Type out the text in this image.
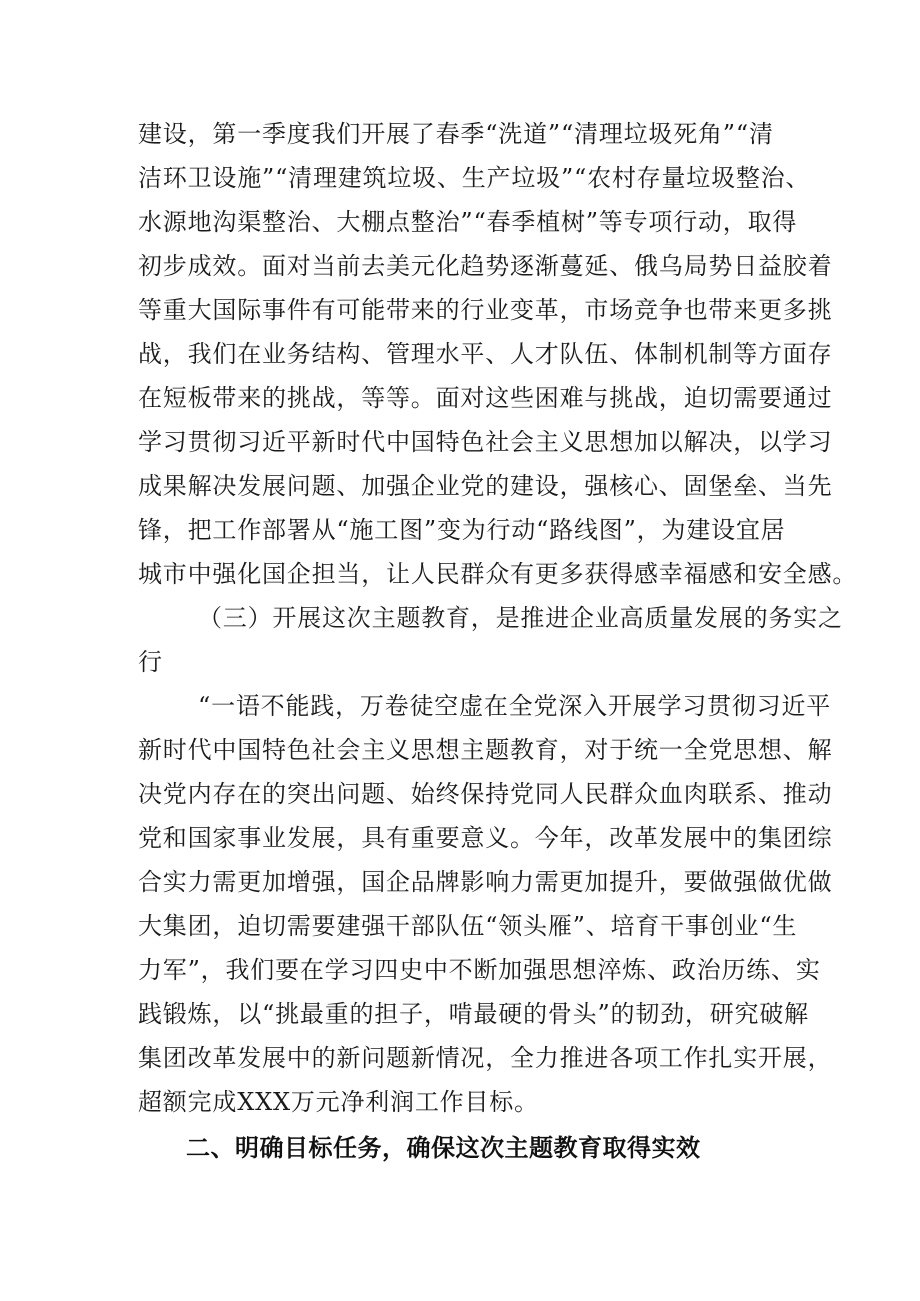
建设，第一季度我们开展了春季“洗道”“清理垃圾死角”“清
洁环卫设施”“清理建筑垃圾、生产垃圾”“农村存量垃圾整治、
水源地沟渠整治、大棚点整治”“春季植树”等专项行动，取得
初步成效。面对当前去美元化趋势逐渐蔓延、俄乌局势日益胶着
等重大国际事件有可能带来的行业变革，市场竞争也带来更多挑
战，我们在业务结构、管理水平、人才队伍、体制机制等方面存
在短板带来的挑战，等等。面对这些困难与挑战，迫切需要通过
学习贯彻习近平新时代中国特色社会主义思想加以解决，以学习
成果解决发展问题、加强企业党的建设，强核心、固堡垒、当先
锋，把工作部署从“施工图”变为行动“路线图”，为建设宜居
城市中强化国企担当，让人民群众有更多获得感幸福感和安全感。
（三）开展这次主题教育，是推进企业高质量发展的务实之
行
“一语不能践，万卷徒空虚在全党深入开展学习贯彻习近平
新时代中国特色社会主义思想主题教育，对于统一全党思想、解
决党内存在的突出问题、始终保持党同人民群众血肉联系、推动
党和国家事业发展，具有重要意义。今年，改革发展中的集团综
合实力需更加增强，国企品牌影响力需更加提升，要做强做优做
大集团，迫切需要建强干部队伍“领头雁”、培育干事创业“生
力军”，我们要在学习四史中不断加强思想淬炼、政治历练、实
践锻炼，以“挑最重的担子，啃最硬的骨头”的韧劲，研究破解
集团改革发展中的新问题新情况，全力推进各项工作扎实开展，
超额完成XXX万元净利润工作目标。
二、明确目标任务，确保这次主题教育取得实效
